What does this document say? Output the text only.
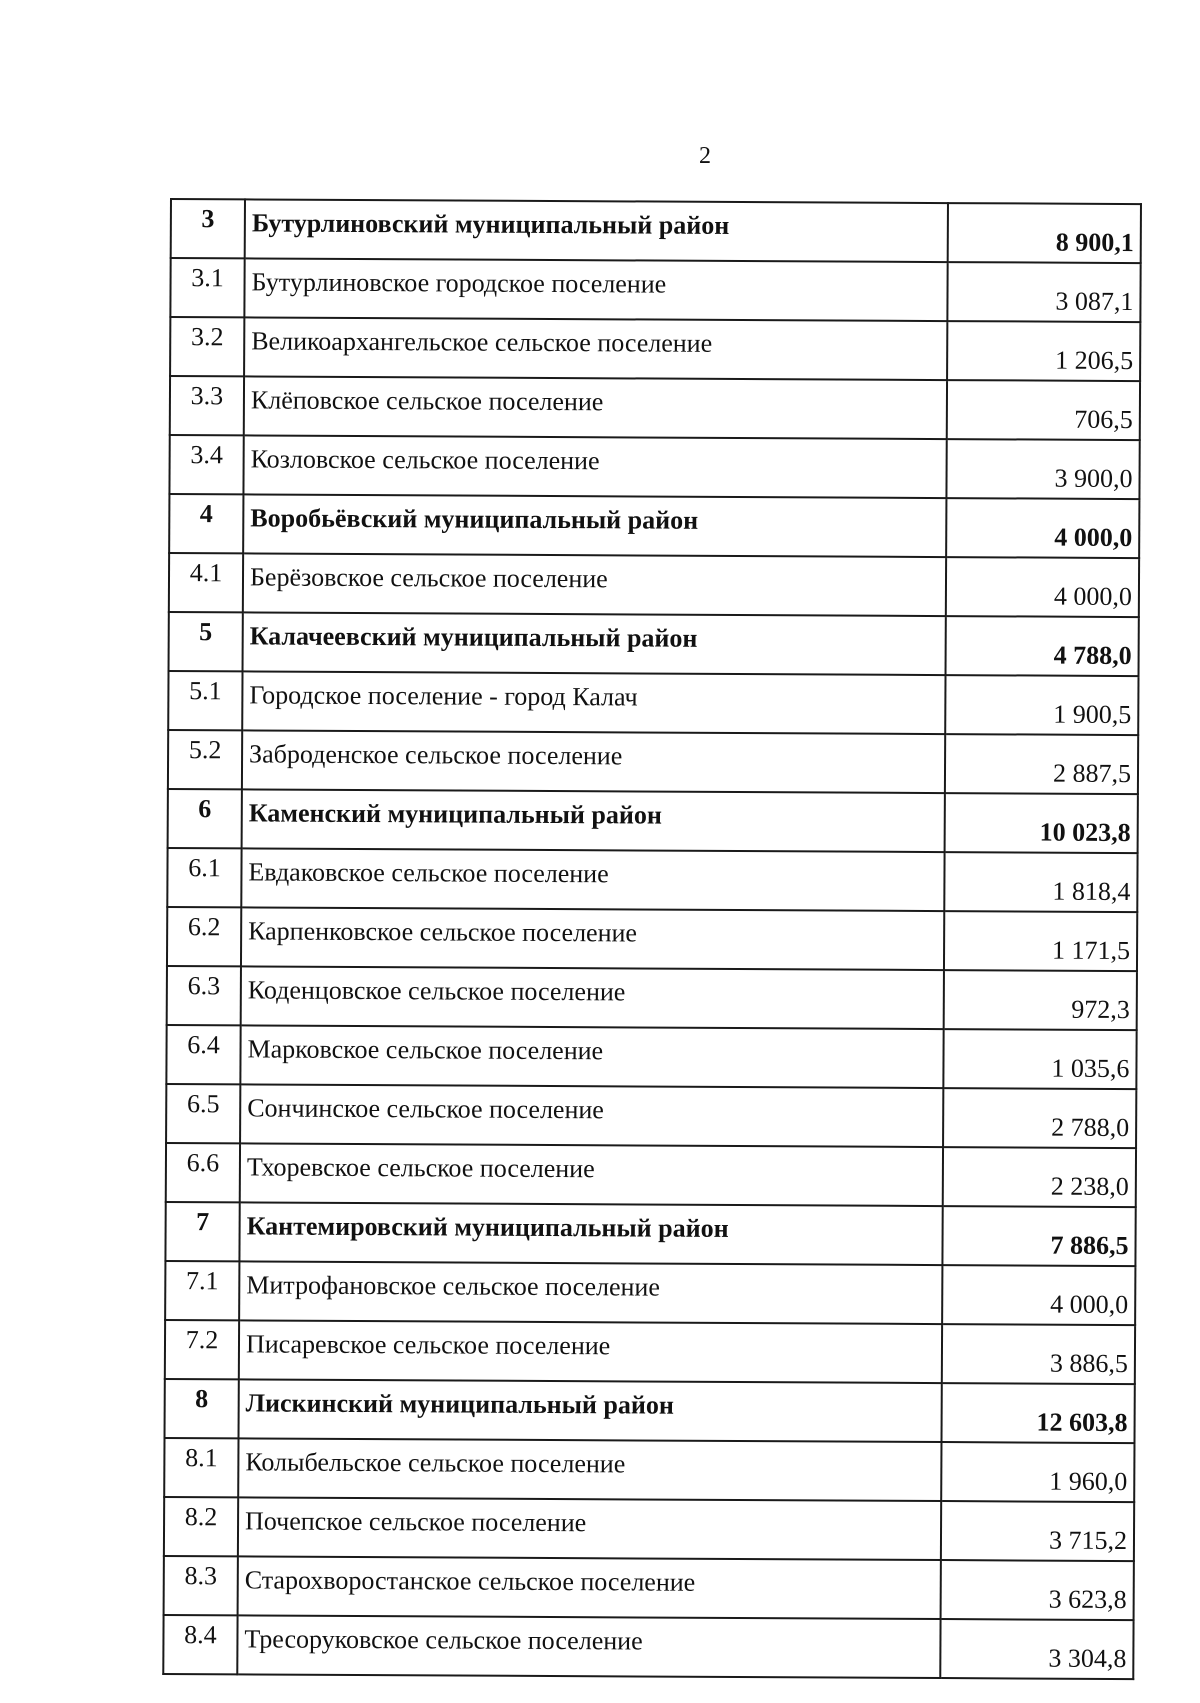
2
3	Бутурлиновский муниципальный район	8 900,1
3.1	Бутурлиновское городское поселение	3 087,1
3.2	Великоархангельское сельское поселение	1 206,5
3.3	Клёповское сельское поселение	706,5
3.4	Козловское сельское поселение	3 900,0
4	Воробьёвский муниципальный район	4 000,0
4.1	Берёзовское сельское поселение	4 000,0
5	Калачеевский муниципальный район	4 788,0
5.1	Городское поселение - город Калач	1 900,5
5.2	Заброденское сельское поселение	2 887,5
6	Каменский муниципальный район	10 023,8
6.1	Евдаковское сельское поселение	1 818,4
6.2	Карпенковское сельское поселение	1 171,5
6.3	Коденцовское сельское поселение	972,3
6.4	Марковское сельское поселение	1 035,6
6.5	Сончинское сельское поселение	2 788,0
6.6	Тхоревское сельское поселение	2 238,0
7	Кантемировский муниципальный район	7 886,5
7.1	Митрофановское сельское поселение	4 000,0
7.2	Писаревское сельское поселение	3 886,5
8	Лискинский муниципальный район	12 603,8
8.1	Колыбельское сельское поселение	1 960,0
8.2	Почепское сельское поселение	3 715,2
8.3	Старохворостанское сельское поселение	3 623,8
8.4	Тресоруковское сельское поселение	3 304,8
